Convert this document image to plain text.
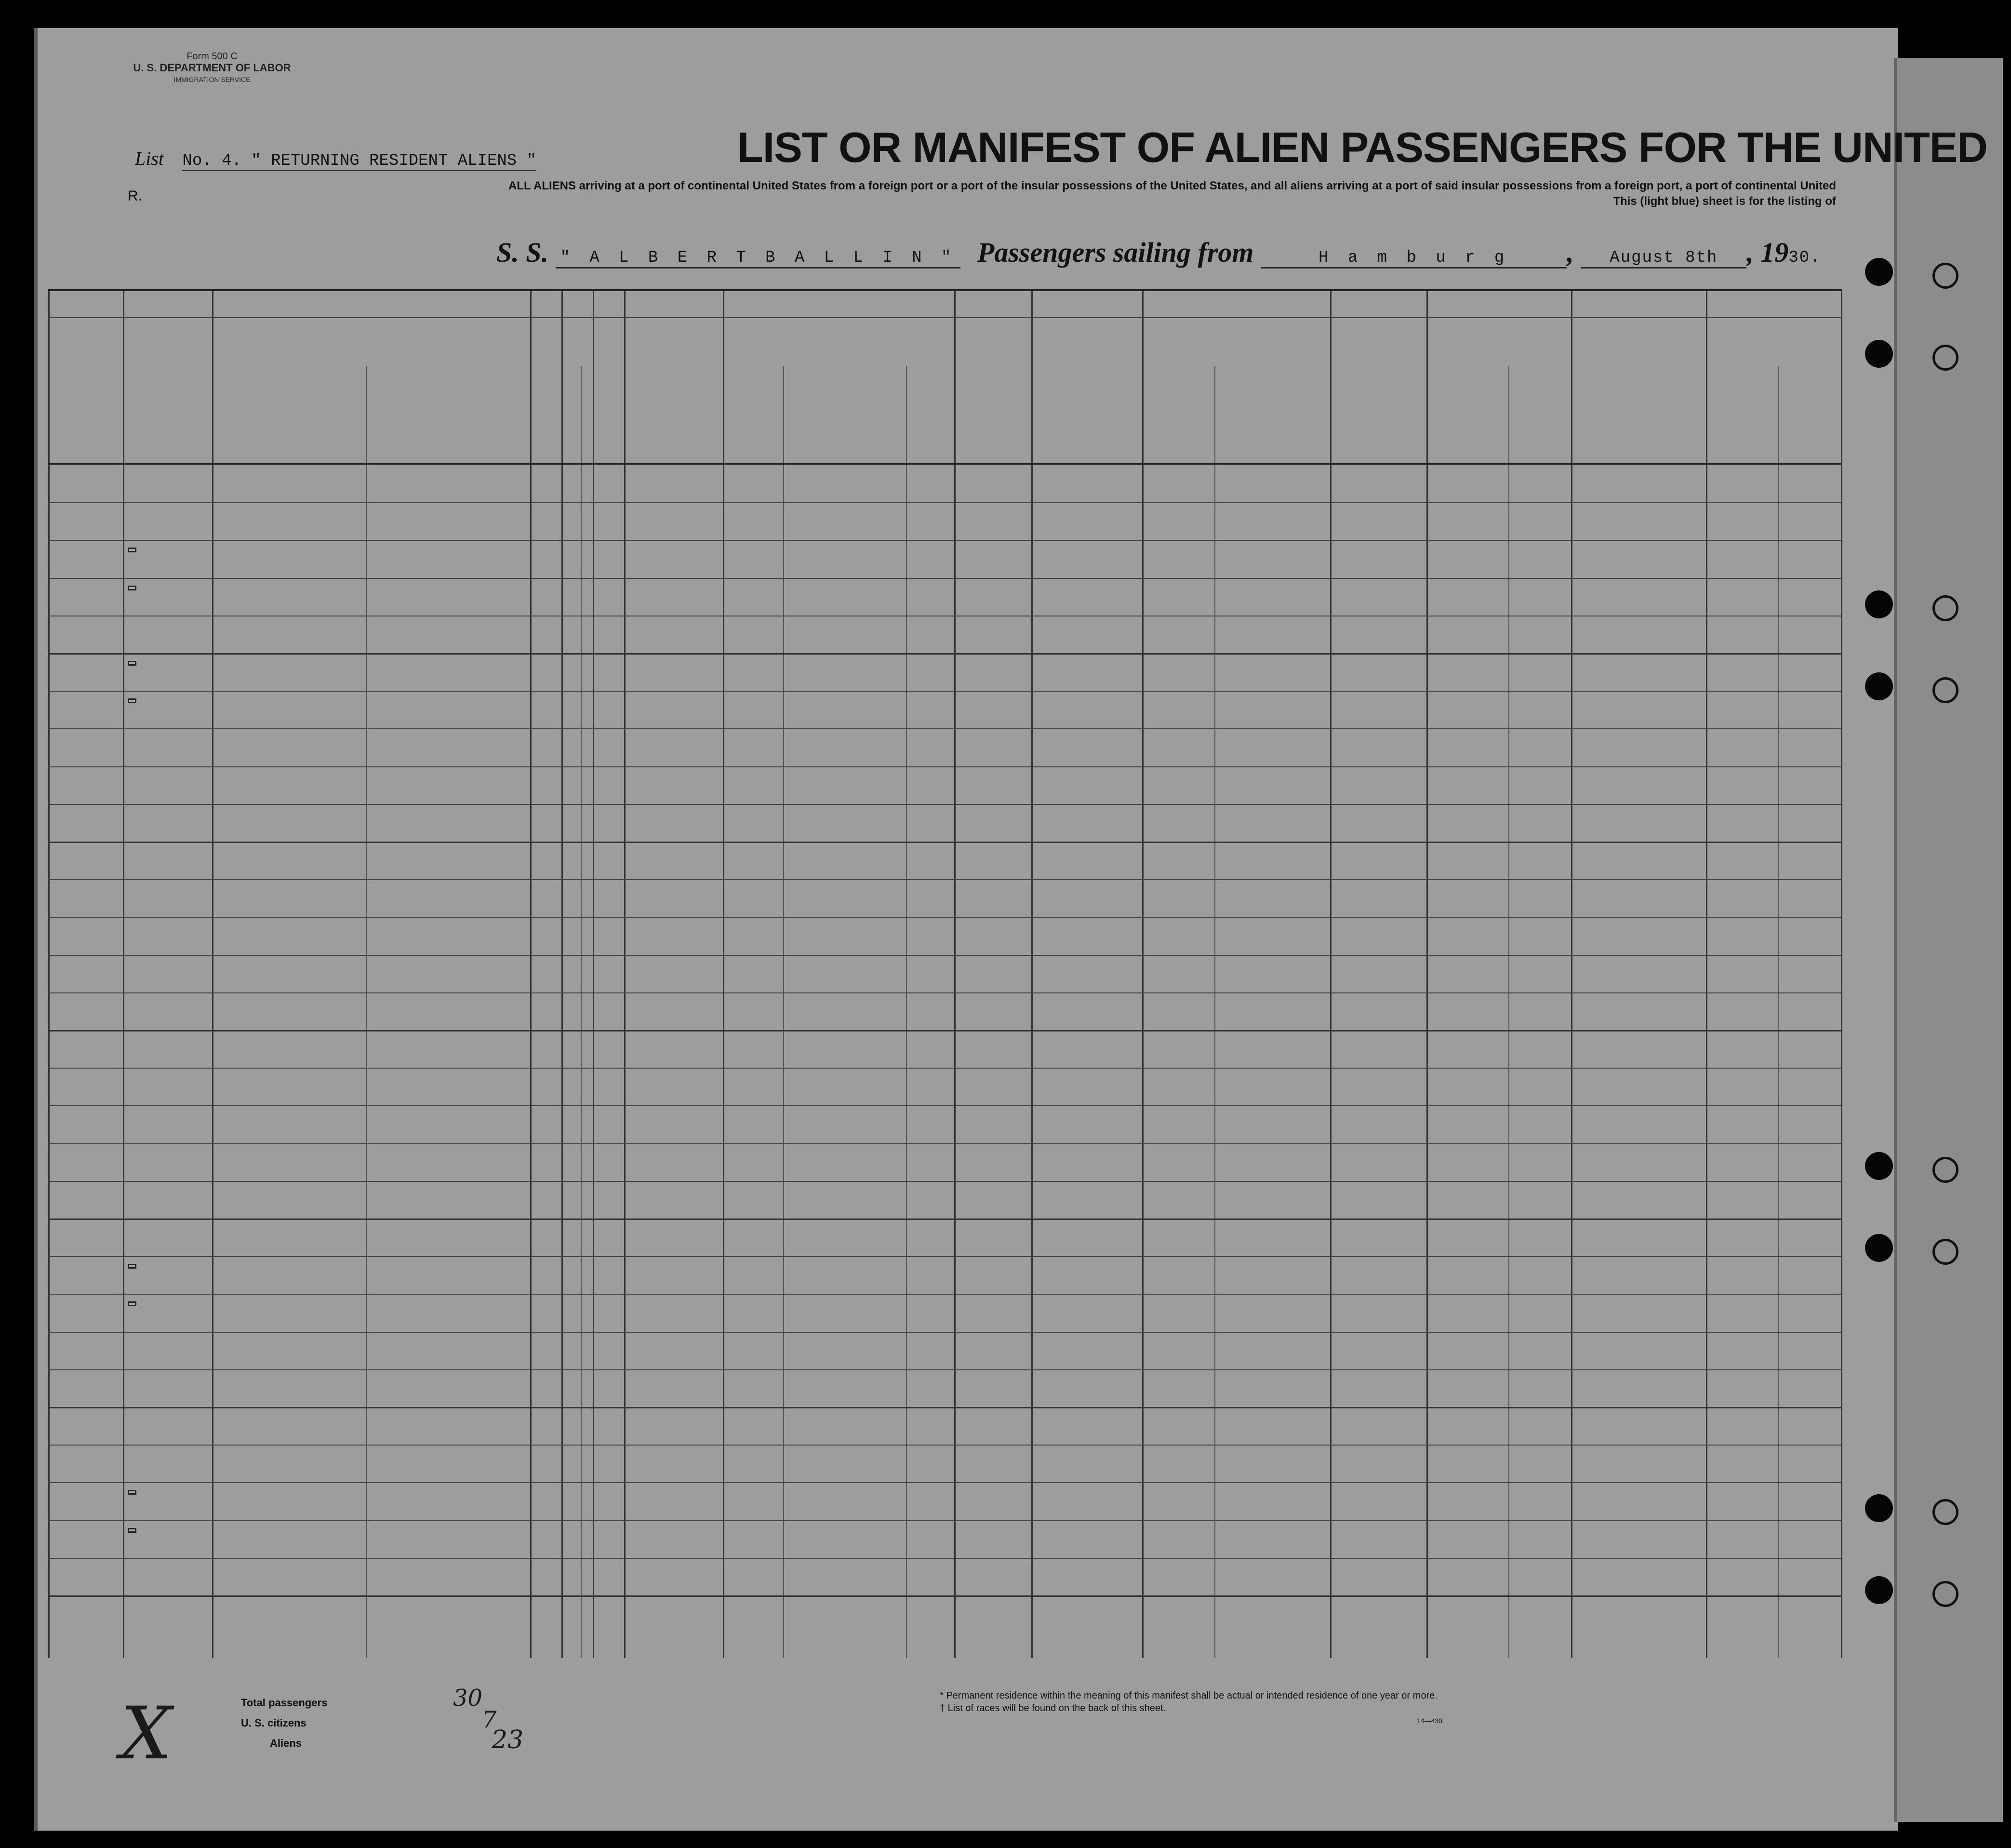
Form 500 C
U. S. DEPARTMENT OF LABOR
IMMIGRATION SERVICE
List No. 4. " RETURNING RESIDENT ALIENS "
R.
LIST OR MANIFEST OF ALIEN PASSENGERS FOR THE UNITED
ALL ALIENS arriving at a port of continental United States from a foreign port or a port of the insular possessions of the United States, and all aliens arriving at a port of said insular possessions from a foreign port, a port of continental United
This (light blue) sheet is for the listing of
S. S. " A L B E R T B A L L I N " Passengers sailing from	H a m b u r g , August 8th , 1930.
Total passengers
U. S. citizens
Aliens
30
7
23
X	* Permanent residence within the meaning of this manifest shall be actual or intended residence of one year or more.
† List of races will be found on the back of this sheet.
14—430
